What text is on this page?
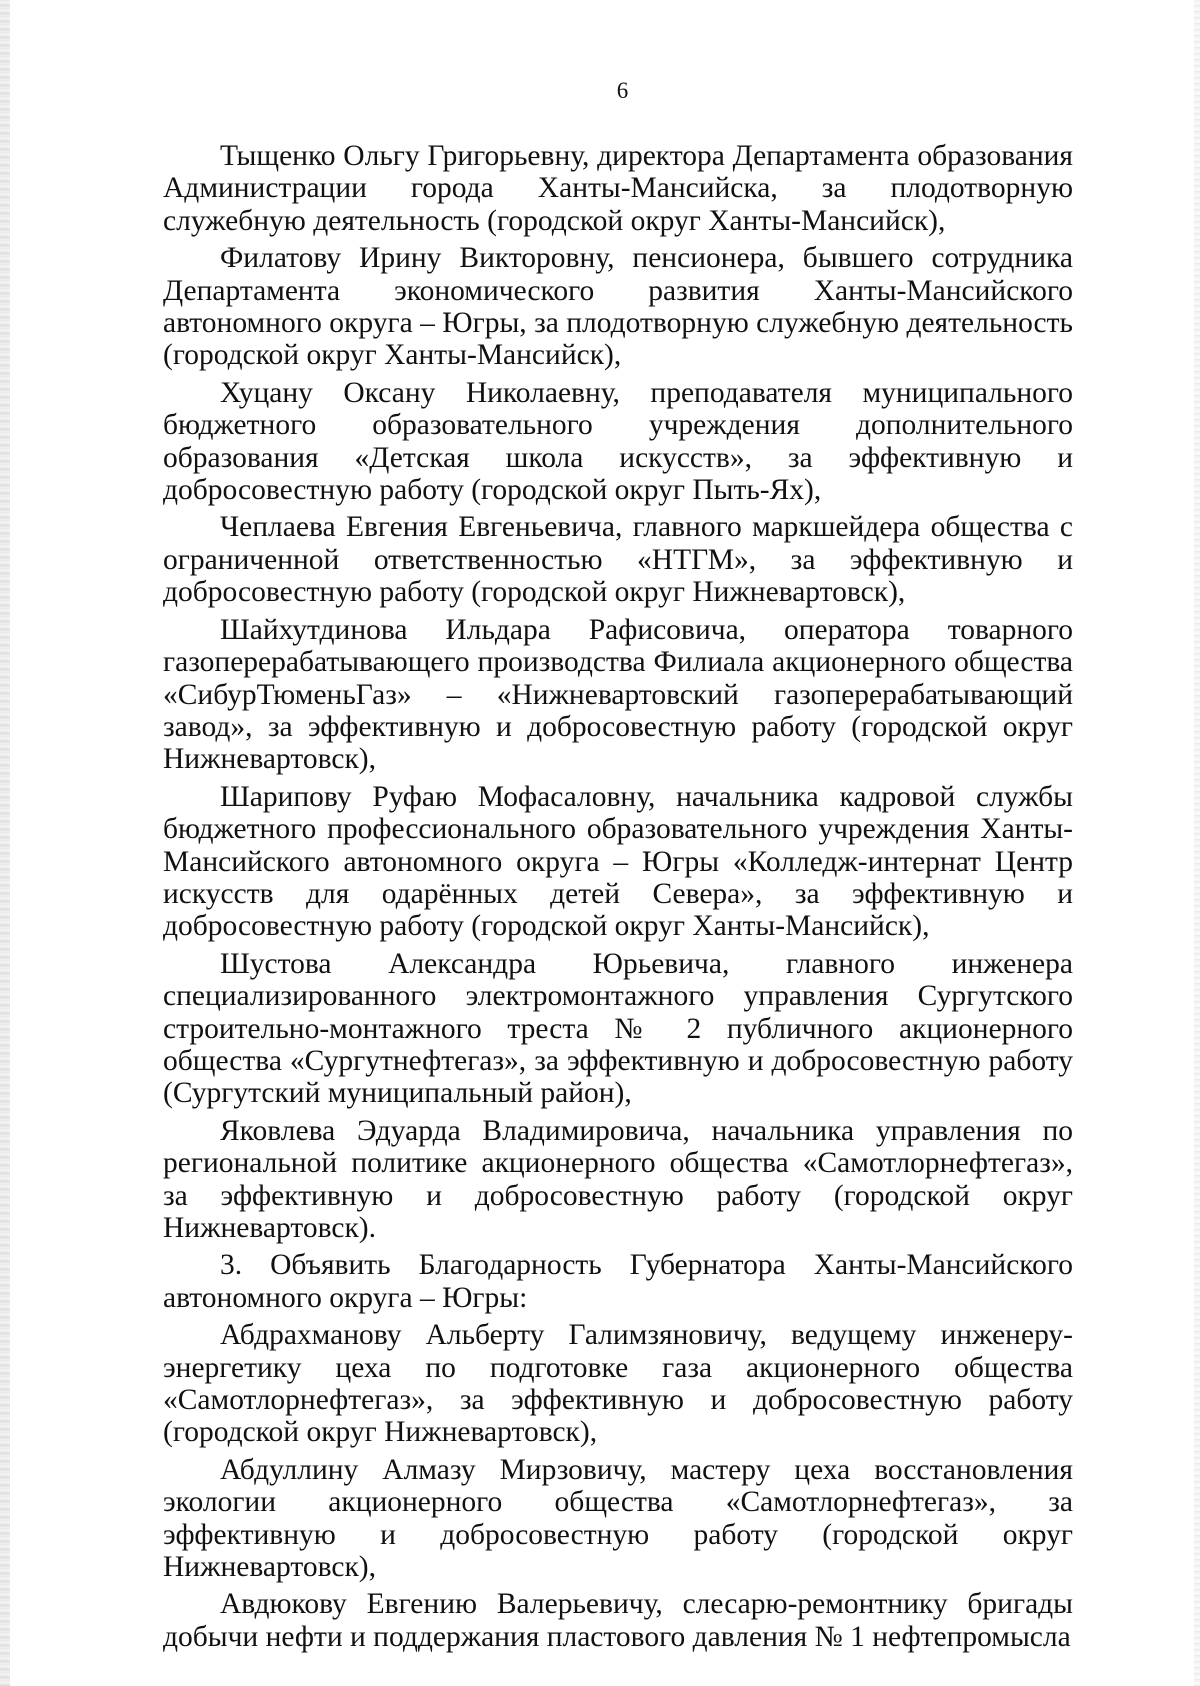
6

Тыщенко Ольгу Григорьевну, директора Департамента образования Администрации города Ханты-Мансийска, за плодотворную служебную деятельность (городской округ Ханты-Мансийск),

Филатову Ирину Викторовну, пенсионера, бывшего сотрудника Департамента экономического развития Ханты-Мансийского автономного округа – Югры, за плодотворную служебную деятельность (городской округ Ханты-Мансийск),

Хуцану Оксану Николаевну, преподавателя муниципального бюджетного образовательного учреждения дополнительного образования «Детская школа искусств», за эффективную и добросовестную работу (городской округ Пыть-Ях),

Чеплаева Евгения Евгеньевича, главного маркшейдера общества с ограниченной ответственностью «НТГМ», за эффективную и добросовестную работу (городской округ Нижневартовск),

Шайхутдинова Ильдара Рафисовича, оператора товарного газоперерабатывающего производства Филиала акционерного общества «СибурТюменьГаз» – «Нижневартовский газоперерабатывающий завод», за эффективную и добросовестную работу (городской округ Нижневартовск),

Шарипову Руфаю Мофасаловну, начальника кадровой службы бюджетного профессионального образовательного учреждения Ханты-Мансийского автономного округа – Югры «Колледж-интернат Центр искусств для одарённых детей Севера», за эффективную и добросовестную работу (городской округ Ханты-Мансийск),

Шустова Александра Юрьевича, главного инженера специализированного электромонтажного управления Сургутского строительно-монтажного треста № 2 публичного акционерного общества «Сургутнефтегаз», за эффективную и добросовестную работу (Сургутский муниципальный район),

Яковлева Эдуарда Владимировича, начальника управления по региональной политике акционерного общества «Самотлорнефтегаз», за эффективную и добросовестную работу (городской округ Нижневартовск).

3. Объявить Благодарность Губернатора Ханты-Мансийского автономного округа – Югры:

Абдрахманову Альберту Галимзяновичу, ведущему инженеру-энергетику цеха по подготовке газа акционерного общества «Самотлорнефтегаз», за эффективную и добросовестную работу (городской округ Нижневартовск),

Абдуллину Алмазу Мирзовичу, мастеру цеха восстановления экологии акционерного общества «Самотлорнефтегаз», за эффективную и добросовестную работу (городской округ Нижневартовск),

Авдюкову Евгению Валерьевичу, слесарю-ремонтнику бригады добычи нефти и поддержания пластового давления № 1 нефтепромысла
